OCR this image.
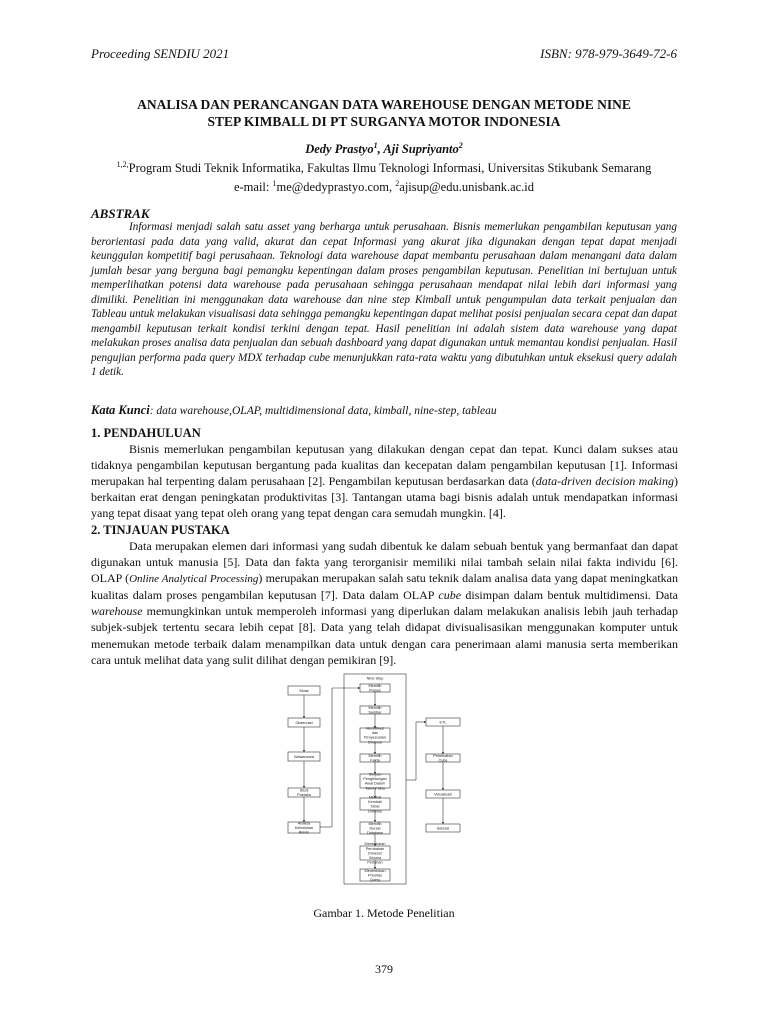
Proceeding SENDIU 2021	ISBN: 978-979-3649-72-6
ANALISA DAN PERANCANGAN DATA WAREHOUSE DENGAN METODE NINE
STEP KIMBALL DI PT SURGANYA MOTOR INDONESIA
Dedy Prastyo$^1$, Aji Supriyanto$^2$
$^{1,2,}$Program Studi Teknik Informatika, Fakultas Ilmu Teknologi Informasi, Universitas Stikubank Semarang
e-mail: $^1$me@dedyprastyo.com, $^2$ajisup@edu.unisbank.ac.id
ABSTRAK
Informasi menjadi salah satu asset yang berharga untuk perusahaan. Bisnis memerlukan pengambilan keputusan yang berorientasi pada data yang valid, akurat dan cepat Informasi yang akurat jika digunakan dengan tepat dapat menjadi keunggulan kompetitif bagi perusahaan. Teknologi data warehouse dapat membantu perusahaan dalam menangani data dalam jumlah besar yang berguna bagi pemangku kepentingan dalam proses pengambilan keputusan. Penelitian ini bertujuan untuk memperlihatkan potensi data warehouse pada perusahaan sehingga perusahaan mendapat nilai lebih dari informasi yang dimiliki. Penelitian ini menggunakan data warehouse dan nine step Kimball untuk pengumpulan data terkait penjualan dan Tableau untuk melakukan visualisasi data sehingga pemangku kepentingan dapat melihat posisi penjualan secara cepat dan dapat mengambil keputusan terkait kondisi terkini dengan tepat. Hasil penelitian ini adalah sistem data warehouse yang dapat melakukan proses analisa data penjualan dan sebuah dashboard yang dapat digunakan untuk memantau kondisi penjualan. Hasil pengujian performa pada query MDX terhadap cube menunjukkan rata-rata waktu yang dibutuhkan untuk eksekusi query adalah 1 detik.
Kata Kunci: data warehouse,OLAP, multidimensional data, kimball, nine-step, tableau
1. PENDAHULUAN
Bisnis memerlukan pengambilan keputusan yang dilakukan dengan cepat dan tepat. Kunci dalam sukses atau tidaknya pengambilan keputusan bergantung pada kualitas dan kecepatan dalam pengambilan keputusan [1]. Informasi merupakan hal terpenting dalam perusahaan [2]. Pengambilan keputusan berdasarkan data (data-driven decision making) berkaitan erat dengan peningkatan produktivitas [3]. Tantangan utama bagi bisnis adalah untuk mendapatkan informasi yang tepat disaat yang tepat oleh orang yang tepat dengan cara semudah mungkin. [4].
2. TINJAUAN PUSTAKA
Data merupakan elemen dari informasi yang sudah dibentuk ke dalam sebuah bentuk yang bermanfaat dan dapat digunakan untuk manusia [5]. Data dan fakta yang terorganisir memiliki nilai tambah selain nilai fakta individu [6]. OLAP (Online Analytical Processing) merupakan merupakan salah satu teknik dalam analisa data yang dapat meningkatkan kualitas dalam proses pengambilan keputusan [7]. Data dalam OLAP cube disimpan dalam bentuk multidimensi. Data warehouse memungkinkan untuk memperoleh informasi yang diperlukan dalam melakukan analisis lebih jauh terhadap subjek-subjek tertentu secara lebih cepat [8]. Data yang telah didapat divisualisasikan menggunakan komputer untuk menemukan metode terbaik dalam menampilkan data untuk dengan cara penerimaan alami manusia serta memberikan cara untuk melihat data yang sulit dilihat dengan pemikiran [9].
Nine Step
Mulai
Observasi
Wawancara
Studi
Pustaka
Analisa
Kebutuhan
Bisnis
Memilih
Proses
Memilih
Sumber
Identifikasi
dan
Penyesuaian
Dimensi
Memilih
Fakta
Simpan
Penghitungan
Awal Dalam
Tabel Fakta
Melihat
Kembali
Tabel
Dimensi
Memilih
Durasi
Database
Menentukan
Perubahan
Dimensi
Secara
Perlahan
Menentukan
Prioritas
Query
ETL
Pembuatan
Cube
Visualisasi
Selesai
Gambar 1. Metode Penelitian
379
